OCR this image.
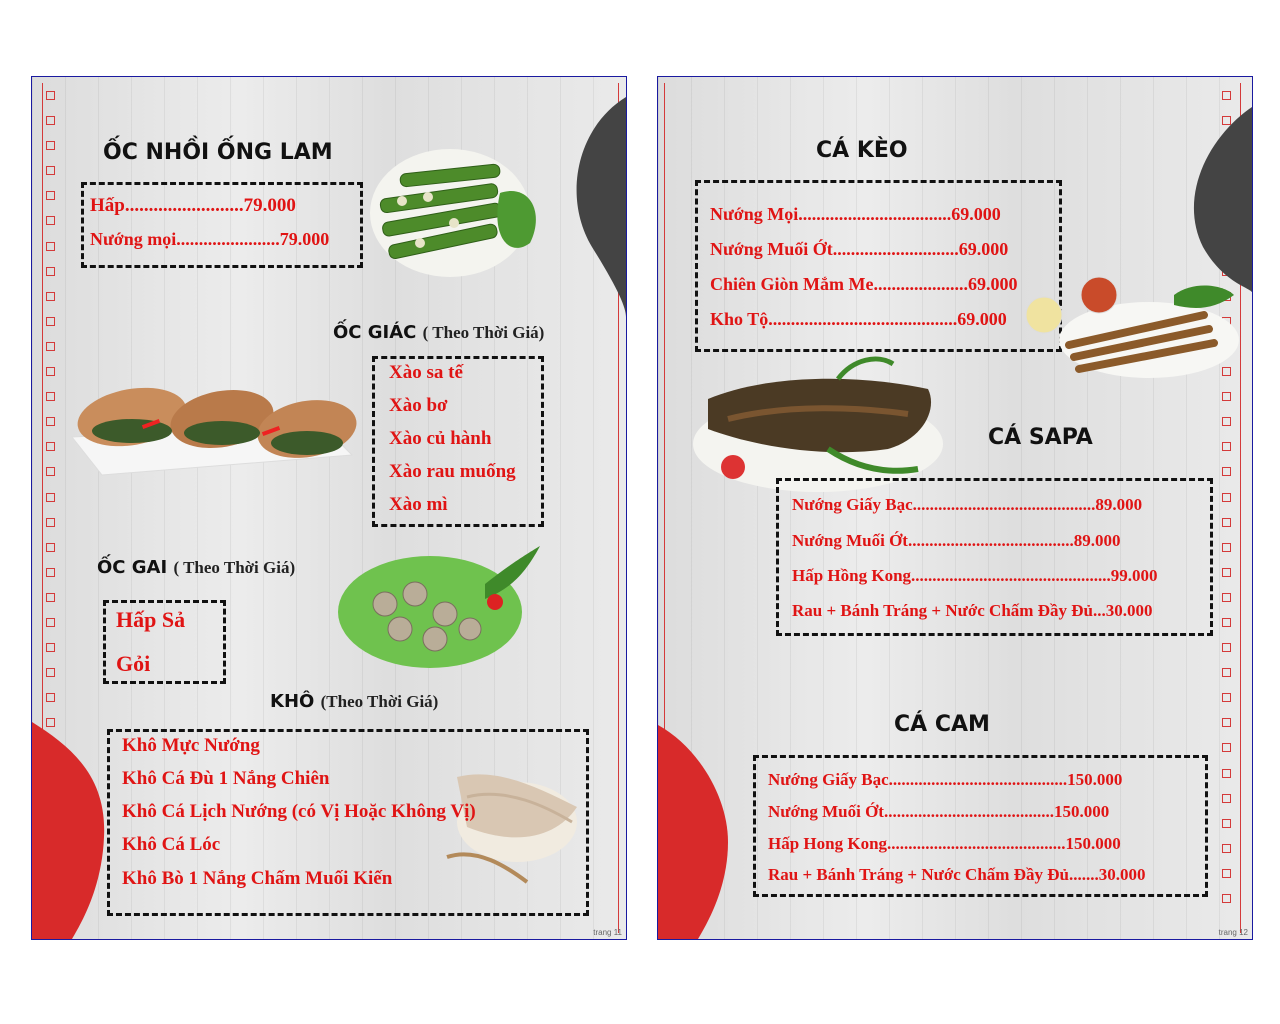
ỐC NHỒI ỐNG LAM
Hấp.........................79.000
Nướng mọi.......................79.000
ỐC GIÁC ( Theo Thời Giá)
Xào sa tế
Xào bơ
Xào củ hành
Xào rau muống
Xào mì
ỐC GAI ( Theo Thời Giá)
Hấp Sả
Gỏi
KHÔ (Theo Thời Giá)
Khô Mực Nướng
Khô Cá Đù 1 Nắng Chiên
Khô Cá Lịch Nướng (có Vị Hoặc Không Vị)
Khô Cá Lóc
Khô Bò 1 Nắng Chấm Muối Kiến
trang 11
CÁ KÈO
Nướng Mọi..................................69.000
Nướng Muối Ớt............................69.000
Chiên Giòn Mắm Me.....................69.000
Kho Tộ..........................................69.000
CÁ SAPA
Nướng Giấy Bạc...........................................89.000
Nướng Muối Ớt.......................................89.000
Hấp Hồng Kong...............................................99.000
Rau + Bánh Tráng + Nước Chấm Đầy Đủ...30.000
CÁ CAM
Nướng Giấy Bạc..........................................150.000
Nướng Muối Ớt........................................150.000
Hấp Hong Kong..........................................150.000
Rau + Bánh Tráng + Nước Chấm Đầy Đủ.......30.000
trang 12
